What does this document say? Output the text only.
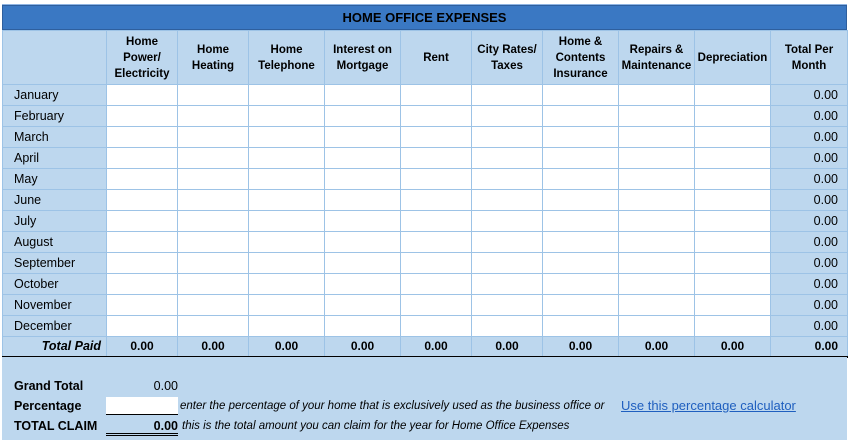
HOME OFFICE EXPENSES
	Home Power/ Electricity	Home Heating	Home Telephone	Interest on Mortgage	Rent	City Rates/ Taxes	Home & Contents Insurance	Repairs & Maintenance	Depreciation	Total Per Month
January										0.00
February										0.00
March										0.00
April										0.00
May										0.00
June										0.00
July										0.00
August										0.00
September										0.00
October										0.00
November										0.00
December										0.00
Total Paid	0.00	0.00	0.00	0.00	0.00	0.00	0.00	0.00	0.00	0.00
Grand Total	0.00
Percentage	enter the percentage of your home that is exclusively used as the business office or Use this percentage calculator
TOTAL CLAIM	0.00 this is the total amount you can claim for the year for Home Office Expenses
